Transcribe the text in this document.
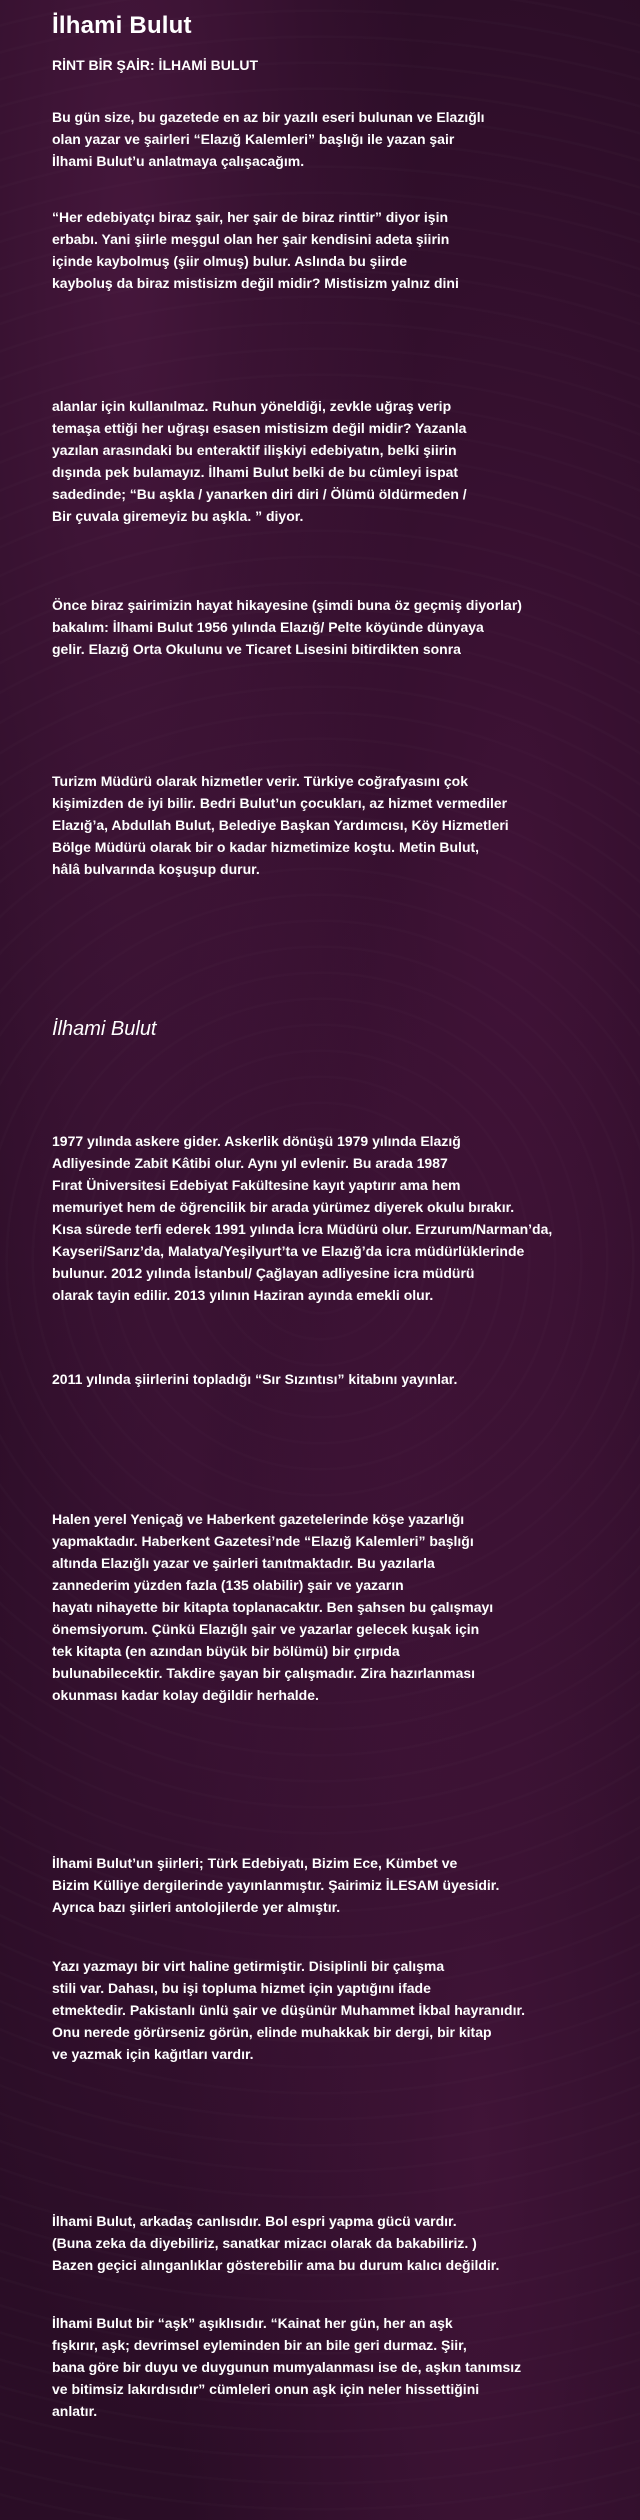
İlhami Bulut

RİNT BİR ŞAİR: İLHAMİ BULUT

Bu gün size, bu gazetede en az bir yazılı eseri bulunan ve Elazığlı
olan yazar ve şairleri “Elazığ Kalemleri” başlığı ile yazan şair
İlhami Bulut’u anlatmaya çalışacağım.

“Her edebiyatçı biraz şair, her şair de biraz rinttir” diyor işin
erbabı. Yani şiirle meşgul olan her şair kendisini adeta şiirin
içinde kaybolmuş (şiir olmuş) bulur. Aslında bu şiirde
kayboluş da biraz mistisizm değil midir? Mistisizm yalnız dini

alanlar için kullanılmaz. Ruhun yöneldiği, zevkle uğraş verip
temaşa ettiği her uğraşı esasen mistisizm değil midir? Yazanla
yazılan arasındaki bu enteraktif ilişkiyi edebiyatın, belki şiirin
dışında pek bulamayız. İlhami Bulut belki de bu cümleyi ispat
sadedinde; “Bu aşkla / yanarken diri diri / Ölümü öldürmeden /
Bir çuvala giremeyiz bu aşkla. ” diyor.

Önce biraz şairimizin hayat hikayesine (şimdi buna öz geçmiş diyorlar)
bakalım: İlhami Bulut 1956 yılında Elazığ/ Pelte köyünde dünyaya
gelir. Elazığ Orta Okulunu ve Ticaret Lisesini bitirdikten sonra

Turizm Müdürü olarak hizmetler verir. Türkiye coğrafyasını çok
kişimizden de iyi bilir. Bedri Bulut’un çocukları, az hizmet vermediler
Elazığ’a, Abdullah Bulut, Belediye Başkan Yardımcısı, Köy Hizmetleri
Bölge Müdürü olarak bir o kadar hizmetimize koştu. Metin Bulut,
hâlâ bulvarında koşuşup durur.

İlhami Bulut

1977 yılında askere gider. Askerlik dönüşü 1979 yılında Elazığ
Adliyesinde Zabit Kâtibi olur. Aynı yıl evlenir. Bu arada 1987
Fırat Üniversitesi Edebiyat Fakültesine kayıt yaptırır ama hem
memuriyet hem de öğrencilik bir arada yürümez diyerek okulu bırakır.
Kısa sürede terfi ederek 1991 yılında İcra Müdürü olur. Erzurum/Narman’da,
Kayseri/Sarız’da, Malatya/Yeşilyurt’ta ve Elazığ’da icra müdürlüklerinde
bulunur. 2012 yılında İstanbul/ Çağlayan adliyesine icra müdürü
olarak tayin edilir. 2013 yılının Haziran ayında emekli olur.

2011 yılında şiirlerini topladığı “Sır Sızıntısı” kitabını yayınlar.

Halen yerel Yeniçağ ve Haberkent gazetelerinde köşe yazarlığı
yapmaktadır. Haberkent Gazetesi’nde “Elazığ Kalemleri” başlığı
altında Elazığlı yazar ve şairleri tanıtmaktadır. Bu yazılarla
zannederim yüzden fazla (135 olabilir) şair ve yazarın
hayatı nihayette bir kitapta toplanacaktır. Ben şahsen bu çalışmayı
önemsiyorum. Çünkü Elazığlı şair ve yazarlar gelecek kuşak için
tek kitapta (en azından büyük bir bölümü) bir çırpıda
bulunabilecektir. Takdire şayan bir çalışmadır. Zira hazırlanması
okunması kadar kolay değildir herhalde.

İlhami Bulut’un şiirleri; Türk Edebiyatı, Bizim Ece, Kümbet ve
Bizim Külliye dergilerinde yayınlanmıştır. Şairimiz İLESAM üyesidir.
Ayrıca bazı şiirleri antolojilerde yer almıştır.

Yazı yazmayı bir virt haline getirmiştir. Disiplinli bir çalışma
stili var. Dahası, bu işi topluma hizmet için yaptığını ifade
etmektedir. Pakistanlı ünlü şair ve düşünür Muhammet İkbal hayranıdır.
Onu nerede görürseniz görün, elinde muhakkak bir dergi, bir kitap
ve yazmak için kağıtları vardır.

İlhami Bulut, arkadaş canlısıdır. Bol espri yapma gücü vardır.
(Buna zeka da diyebiliriz, sanatkar mizacı olarak da bakabiliriz. )
Bazen geçici alınganlıklar gösterebilir ama bu durum kalıcı değildir.

İlhami Bulut bir “aşk” aşıklısıdır. “Kainat her gün, her an aşk
fışkırır, aşk; devrimsel eyleminden bir an bile geri durmaz. Şiir,
bana göre bir duyu ve duygunun mumyalanması ise de, aşkın tanımsız
ve bitimsiz lakırdısıdır” cümleleri onun aşk için neler hissettiğini
anlatır.
